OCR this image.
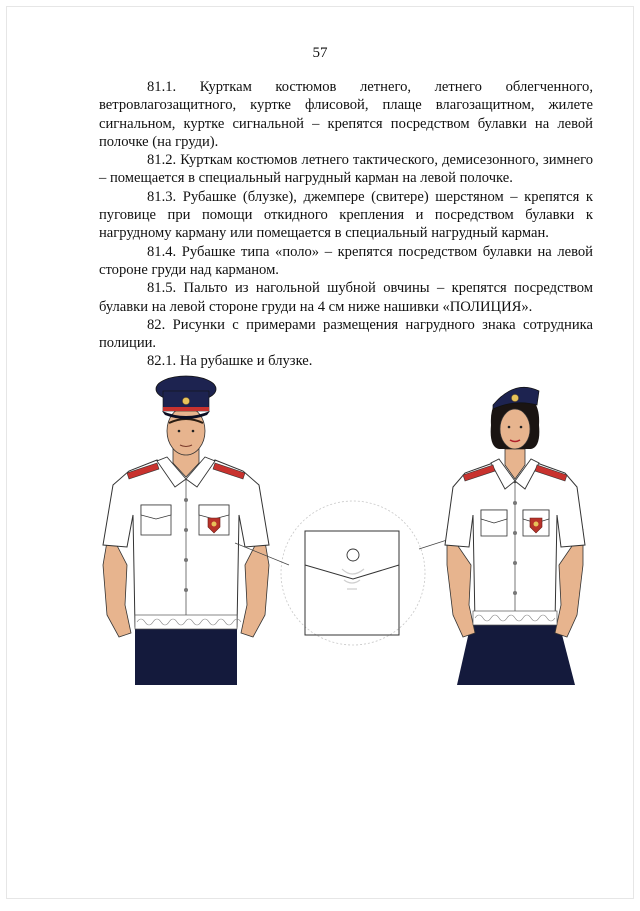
57

81.1. Курткам костюмов летнего, летнего облегченного, ветровлагозащитного, куртке флисовой, плаще влагозащитном, жилете сигнальном, куртке сигнальной – крепятся посредством булавки на левой полочке (на груди).

81.2. Курткам костюмов летнего тактического, демисезонного, зимнего – помещается в специальный нагрудный карман на левой полочке.

81.3. Рубашке (блузке), джемпере (свитере) шерстяном – крепятся к пуговице при помощи откидного крепления и посредством булавки к нагрудному карману или помещается в специальный нагрудный карман.

81.4. Рубашке типа «поло» – крепятся посредством булавки на левой стороне груди над карманом.

81.5. Пальто из нагольной шубной овчины – крепятся посредством булавки на левой стороне груди на 4 см ниже нашивки «ПОЛИЦИЯ».

82. Рисунки с примерами размещения нагрудного знака сотрудника полиции.

82.1. На рубашке и блузке.
